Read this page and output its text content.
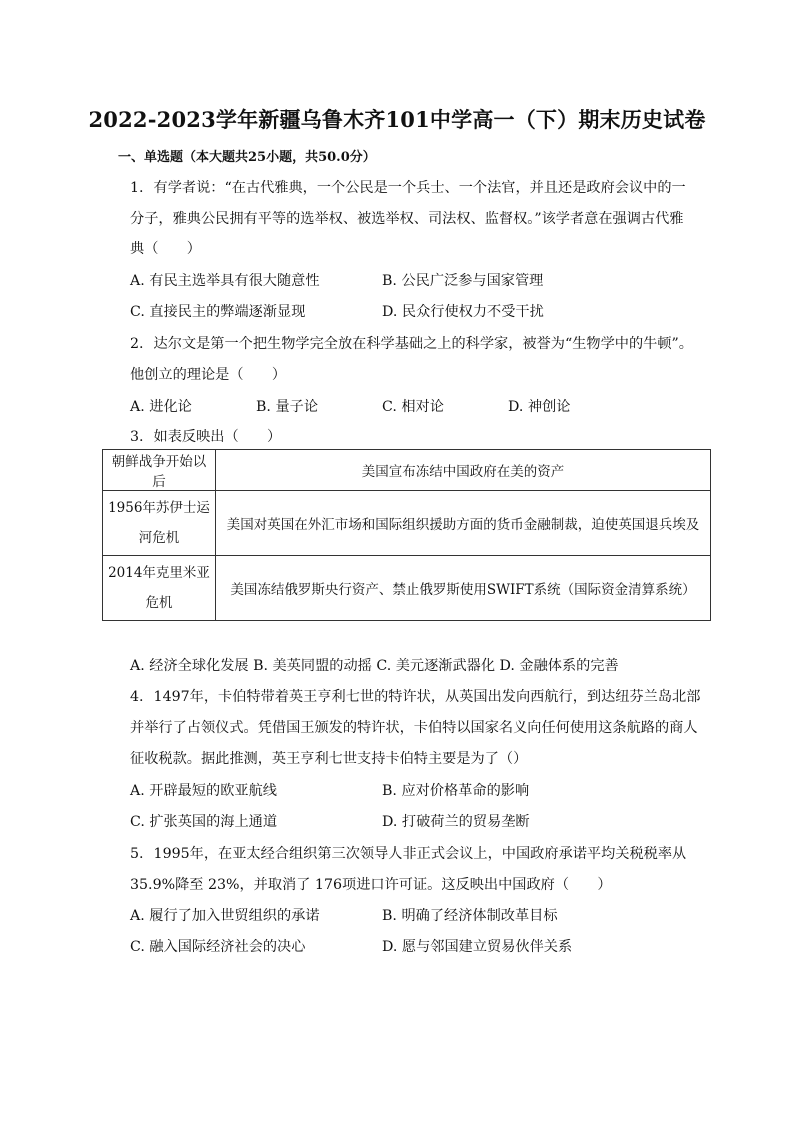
2022-2023学年新疆乌鲁木齐101中学高一（下）期末历史试卷
一、单选题（本大题共25小题，共50.0分）
1. 有学者说：“在古代雅典，一个公民是一个兵士、一个法官，并且还是政府会议中的一
分子，雅典公民拥有平等的选举权、被选举权、司法权、监督权。”该学者意在强调古代雅
典（　　）
A. 有民主选举具有很大随意性	B. 公民广泛参与国家管理
C. 直接民主的弊端逐渐显现	D. 民众行使权力不受干扰
2. 达尔文是第一个把生物学完全放在科学基础之上的科学家，被誉为“生物学中的牛顿”。
他创立的理论是（　　）
A. 进化论	B. 量子论	C. 相对论	D. 神创论
3. 如表反映出（　　）
朝鲜战争开始以后	美国宣布冻结中国政府在美的资产

1956年苏伊士运
河危机	美国对英国在外汇市场和国际组织援助方面的货币金融制裁，迫使英国退兵埃及

2014年克里米亚
危机	美国冻结俄罗斯央行资产、禁止俄罗斯使用SWIFT系统（国际资金清算系统）
A. 经济全球化发展 B. 美英同盟的动摇 C. 美元逐渐武器化 D. 金融体系的完善
4. 1497年，卡伯特带着英王亨利七世的特许状，从英国出发向西航行，到达纽芬兰岛北部
并举行了占领仪式。凭借国王颁发的特许状，卡伯特以国家名义向任何使用这条航路的商人
征收税款。据此推测，英王亨利七世支持卡伯特主要是为了（）
A. 开辟最短的欧亚航线	B. 应对价格革命的影响
C. 扩张英国的海上通道	D. 打破荷兰的贸易垄断
5. 1995年，在亚太经合组织第三次领导人非正式会议上，中国政府承诺平均关税税率从
35.9%降至 23%，并取消了 176项进口许可证。这反映出中国政府（　　）
A. 履行了加入世贸组织的承诺	B. 明确了经济体制改革目标
C. 融入国际经济社会的决心	D. 愿与邻国建立贸易伙伴关系
